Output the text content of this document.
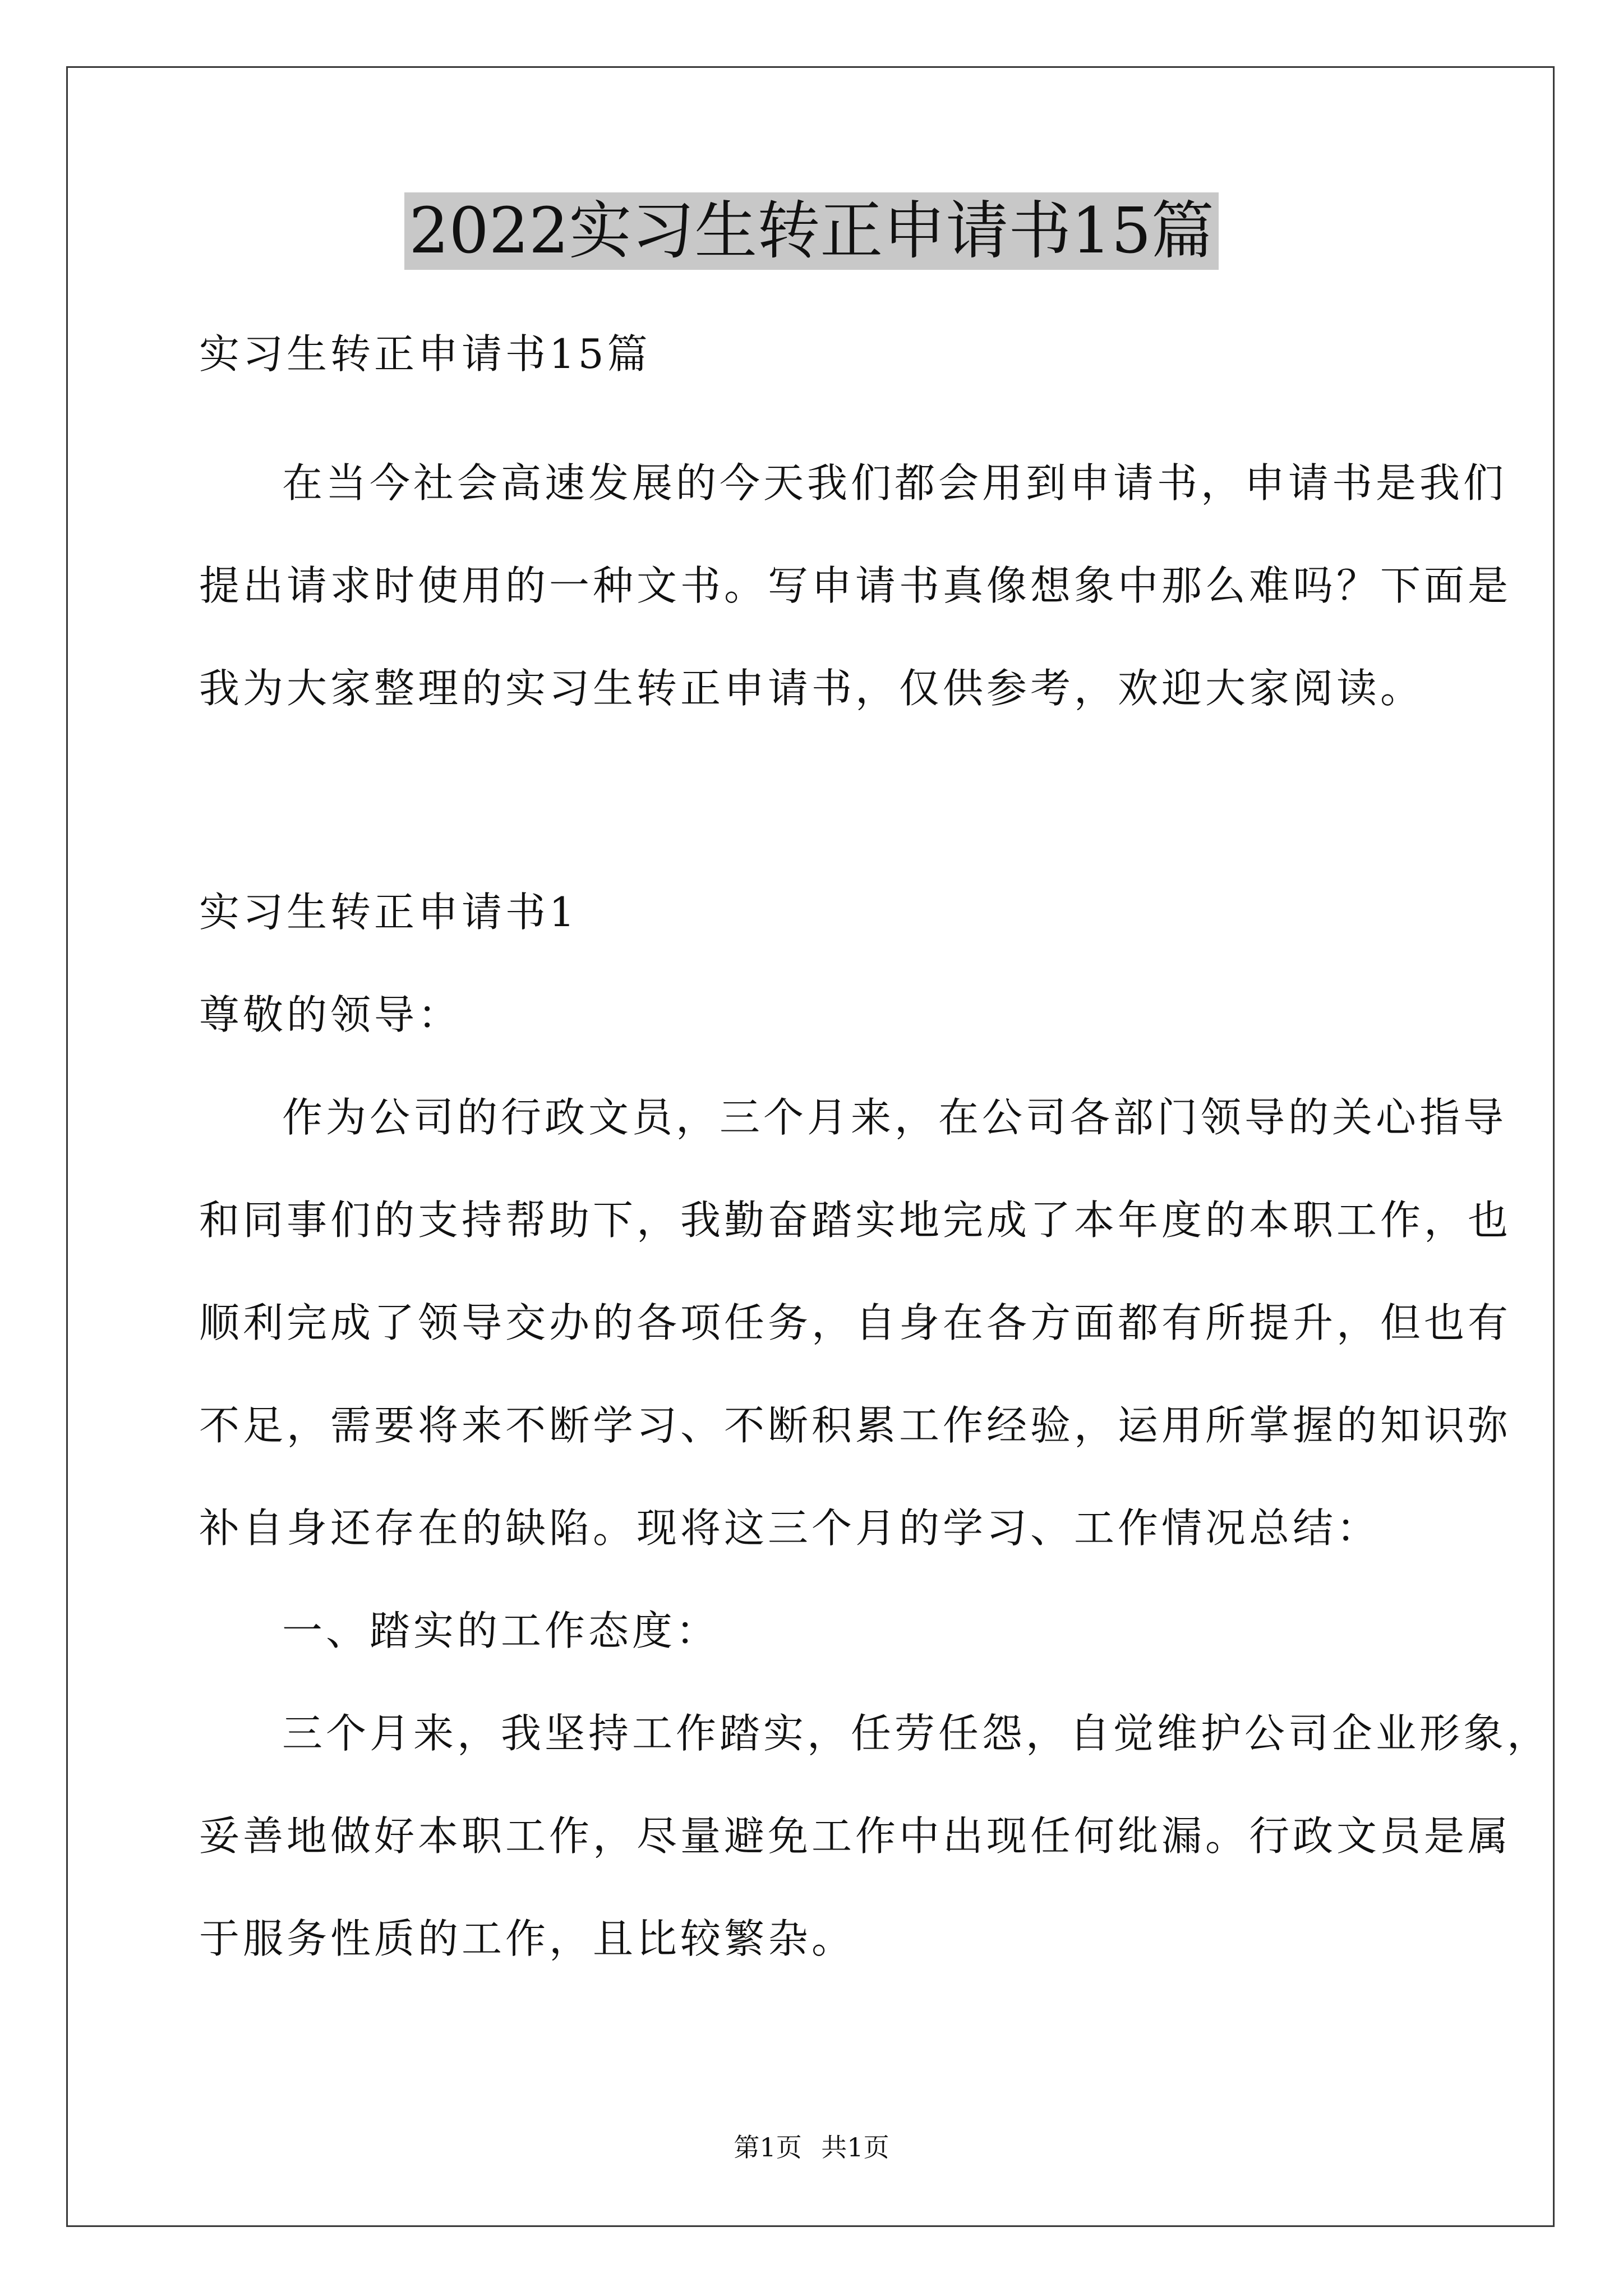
2022实习生转正申请书15篇

实习生转正申请书15篇

在当今社会高速发展的今天我们都会用到申请书，申请书是我们

提出请求时使用的一种文书。写申请书真像想象中那么难吗？下面是

我为大家整理的实习生转正申请书，仅供参考，欢迎大家阅读。

实习生转正申请书1

尊敬的领导：

作为公司的行政文员，三个月来，在公司各部门领导的关心指导

和同事们的支持帮助下，我勤奋踏实地完成了本年度的本职工作，也

顺利完成了领导交办的各项任务，自身在各方面都有所提升，但也有

不足，需要将来不断学习、不断积累工作经验，运用所掌握的知识弥

补自身还存在的缺陷。现将这三个月的学习、工作情况总结：

一、踏实的工作态度：

三个月来，我坚持工作踏实，任劳任怨，自觉维护公司企业形象，

妥善地做好本职工作，尽量避免工作中出现任何纰漏。行政文员是属

于服务性质的工作，且比较繁杂。

第1页 共1页
